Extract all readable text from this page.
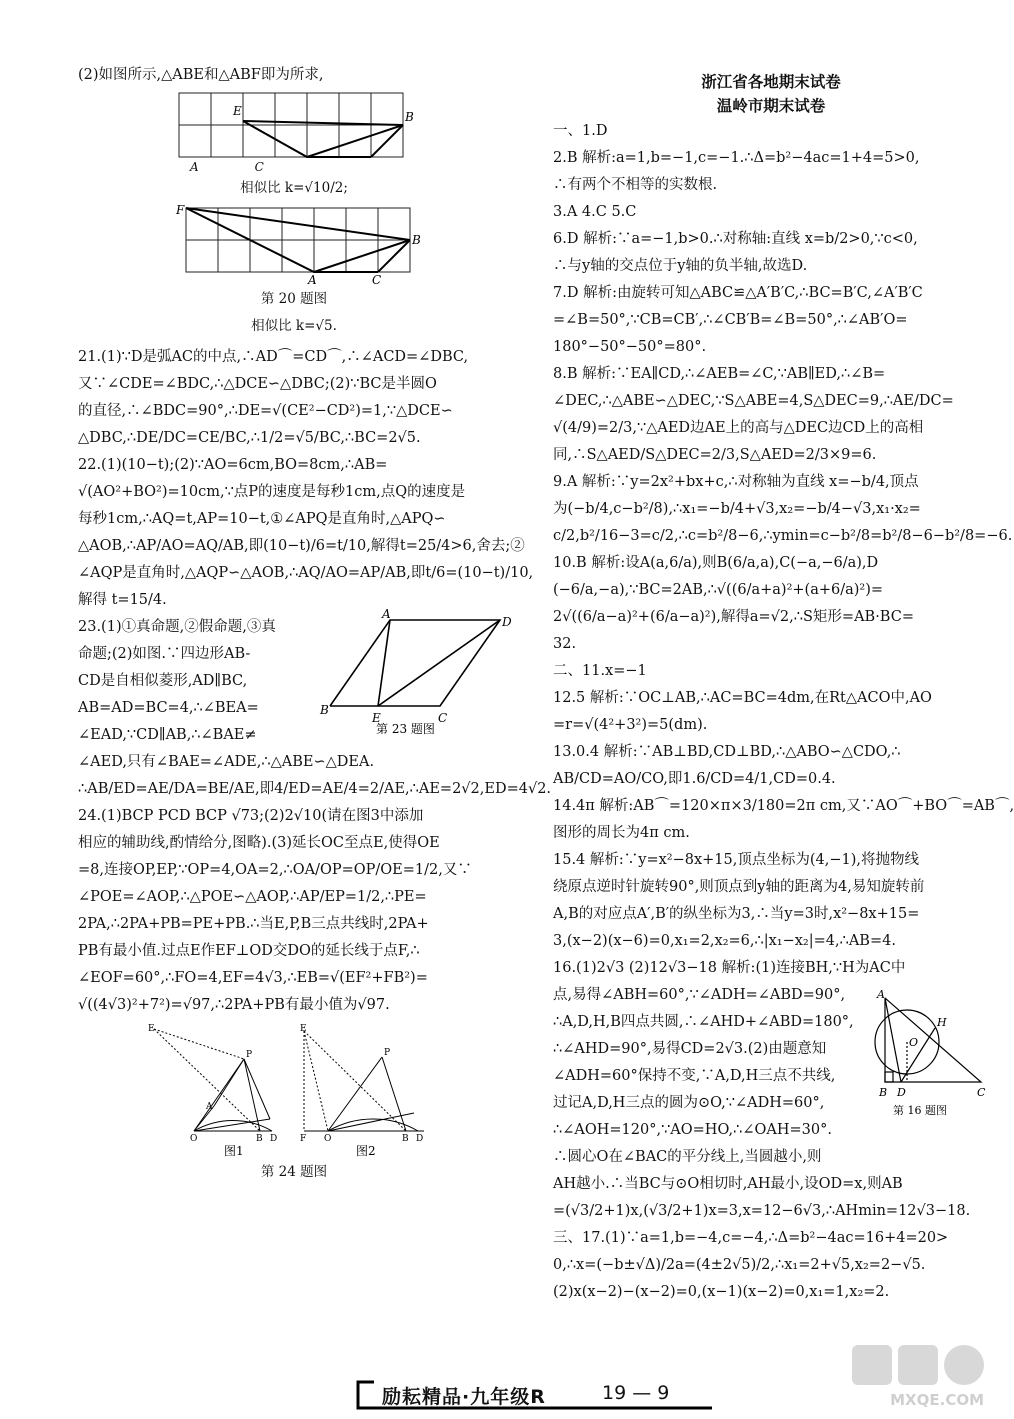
(2)如图所示,△ABE和△ABF即为所求,
E	B
A	C
相似比 k=√10/2;
F
B
A	C
第 20 题图
相似比 k=√5.
21.(1)∵D是弧AC的中点,∴AD⌒=CD⌒,∴∠ACD=∠DBC,
又∵∠CDE=∠BDC,∴△DCE∽△DBC;(2)∵BC是半圆O
的直径,∴∠BDC=90°,∴DE=√(CE²−CD²)=1,∵△DCE∽
△DBC,∴DE/DC=CE/BC,∴1/2=√5/BC,∴BC=2√5.
22.(1)(10−t);(2)∵AO=6cm,BO=8cm,∴AB=
√(AO²+BO²)=10cm,∵点P的速度是每秒1cm,点Q的速度是
每秒1cm,∴AQ=t,AP=10−t,①∠APQ是直角时,△APQ∽
△AOB,∴AP/AO=AQ/AB,即(10−t)/6=t/10,解得t=25/4>6,舍去;②
∠AQP是直角时,△AQP∽△AOB,∴AQ/AO=AP/AB,即t/6=(10−t)/10,
解得 t=15/4.
B
A
D
E	C
第 23 题图
23.(1)①真命题,②假命题,③真
命题;(2)如图.∵四边形AB-
CD是自相似菱形,AD∥BC,
AB=AD=BC=4,∴∠BEA=
∠EAD,∵CD∥AB,∴∠BAE≠
∠AED,只有∠BAE=∠ADE,∴△ABE∽△DEA.
∴AB/ED=AE/DA=BE/AE,即4/ED=AE/4=2/AE,∴AE=2√2,ED=4√2.
24.(1)BCP PCD BCP √73;(2)2√10(请在图3中添加
相应的辅助线,酌情给分,图略).(3)延长OC至点E,使得OE
=8,连接OP,EP,∵OP=4,OA=2,∴OA/OP=OP/OE=1/2,又∵
∠POE=∠AOP,∴△POE∽△AOP,∴AP/EP=1/2,∴PE=
2PA,∴2PA+PB=PE+PB.∴当E,P,B三点共线时,2PA+
PB有最小值.过点E作EF⊥OD交DO的延长线于点F,∴
∠EOF=60°,∴FO=4,EF=4√3,∴EB=√(EF²+FB²)=
√((4√3)²+7²)=√97,∴2PA+PB有最小值为√97.
E
O
P
A
B D
E
F O
P
B D
图1	图2
第 24 题图
浙江省各地期末试卷
温岭市期末试卷
一、1.D
2.B 解析:a=1,b=−1,c=−1.∴Δ=b²−4ac=1+4=5>0,
∴有两个不相等的实数根.
3.A 4.C 5.C
6.D 解析:∵a=−1,b>0.∴对称轴:直线 x=b/2>0,∵c<0,
∴与y轴的交点位于y轴的负半轴,故选D.
7.D 解析:由旋转可知△ABC≌△A′B′C,∴BC=B′C,∠A′B′C
=∠B=50°,∵CB=CB′,∴∠CB′B=∠B=50°,∴∠AB′O=
180°−50°−50°=80°.
8.B 解析:∵EA∥CD,∴∠AEB=∠C,∵AB∥ED,∴∠B=
∠DEC,∴△ABE∽△DEC,∵S△ABE=4,S△DEC=9,∴AE/DC=
√(4/9)=2/3,∵△AED边AE上的高与△DEC边CD上的高相
同,∴S△AED/S△DEC=2/3,S△AED=2/3×9=6.
9.A 解析:∵y=2x²+bx+c,∴对称轴为直线 x=−b/4,顶点
为(−b/4,c−b²/8),∴x₁=−b/4+√3,x₂=−b/4−√3,x₁·x₂=
c/2,b²/16−3=c/2,∴c=b²/8−6,∴ymin=c−b²/8=b²/8−6−b²/8=−6.
10.B 解析:设A(a,6/a),则B(6/a,a),C(−a,−6/a),D
(−6/a,−a),∵BC=2AB,∴√((6/a+a)²+(a+6/a)²)=
2√((6/a−a)²+(6/a−a)²),解得a=√2,∴S矩形=AB·BC=
32.
二、11.x=−1
12.5 解析:∵OC⊥AB,∴AC=BC=4dm,在Rt△ACO中,AO
=r=√(4²+3²)=5(dm).
13.0.4 解析:∵AB⊥BD,CD⊥BD,∴△ABO∽△CDO,∴
AB/CD=AO/CO,即1.6/CD=4/1,CD=0.4.
14.4π 解析:AB⌒=120×π×3/180=2π cm,又∵AO⌒+BO⌒=AB⌒,
图形的周长为4π cm.
15.4 解析:∵y=x²−8x+15,顶点坐标为(4,−1),将抛物线
绕原点逆时针旋转90°,则顶点到y轴的距离为4,易知旋转前
A,B的对应点A′,B′的纵坐标为3,∴当y=3时,x²−8x+15=
3,(x−2)(x−6)=0,x₁=2,x₂=6,∴|x₁−x₂|=4,∴AB=4.
16.(1)2√3 (2)12√3−18 解析:(1)连接BH,∵H为AC中
A
H
O
B D	C
第 16 题图
点,易得∠ABH=60°,∵∠ADH=∠ABD=90°,
∴A,D,H,B四点共圆,∴∠AHD+∠ABD=180°,
∴∠AHD=90°,易得CD=2√3.(2)由题意知
∠ADH=60°保持不变,∵A,D,H三点不共线,
过记A,D,H三点的圆为⊙O,∵∠ADH=60°,
∴∠AOH=120°,∵AO=HO,∴∠OAH=30°.
∴圆心O在∠BAC的平分线上,当圆越小,则
AH越小.∴当BC与⊙O相切时,AH最小,设OD=x,则AB
=(√3/2+1)x,(√3/2+1)x=3,x=12−6√3,∴AHmin=12√3−18.
三、17.(1)∵a=1,b=−4,c=−4,∴Δ=b²−4ac=16+4=20>
0,∴x=(−b±√Δ)/2a=(4±2√5)/2,∴x₁=2+√5,x₂=2−√5.
(2)x(x−2)−(x−2)=0,(x−1)(x−2)=0,x₁=1,x₂=2.
励耘精品·九年级R	19 — 9	MXQE.COM
